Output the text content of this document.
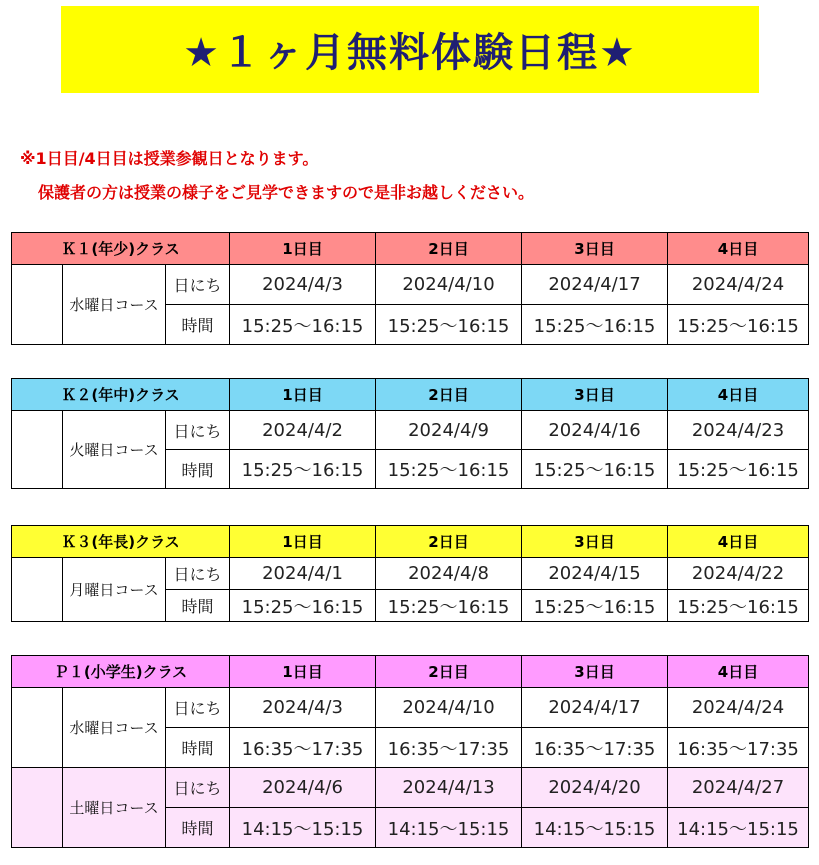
★１ヶ月無料体験日程★
※1日目/4日目は授業参観日となります。
保護者の方は授業の様子をご見学できますので是非お越しください。
Ｋ１(年少)クラス			1日目	2日目	3日目	4日目
	水曜日コース	日にち	2024/4/3	2024/4/10	2024/4/17	2024/4/24
		時間	15:25～16:15	15:25～16:15	15:25～16:15	15:25～16:15
Ｋ２(年中)クラス			1日目	2日目	3日目	4日目
	火曜日コース	日にち	2024/4/2	2024/4/9	2024/4/16	2024/4/23
		時間	15:25～16:15	15:25～16:15	15:25～16:15	15:25～16:15
Ｋ３(年長)クラス			1日目	2日目	3日目	4日目
	月曜日コース	日にち	2024/4/1	2024/4/8	2024/4/15	2024/4/22
		時間	15:25～16:15	15:25～16:15	15:25～16:15	15:25～16:15
Ｐ１(小学生)クラス			1日目	2日目	3日目	4日目
	水曜日コース	日にち	2024/4/3	2024/4/10	2024/4/17	2024/4/24
		時間	16:35～17:35	16:35～17:35	16:35～17:35	16:35～17:35
	土曜日コース	日にち	2024/4/6	2024/4/13	2024/4/20	2024/4/27
		時間	14:15～15:15	14:15～15:15	14:15～15:15	14:15～15:15
